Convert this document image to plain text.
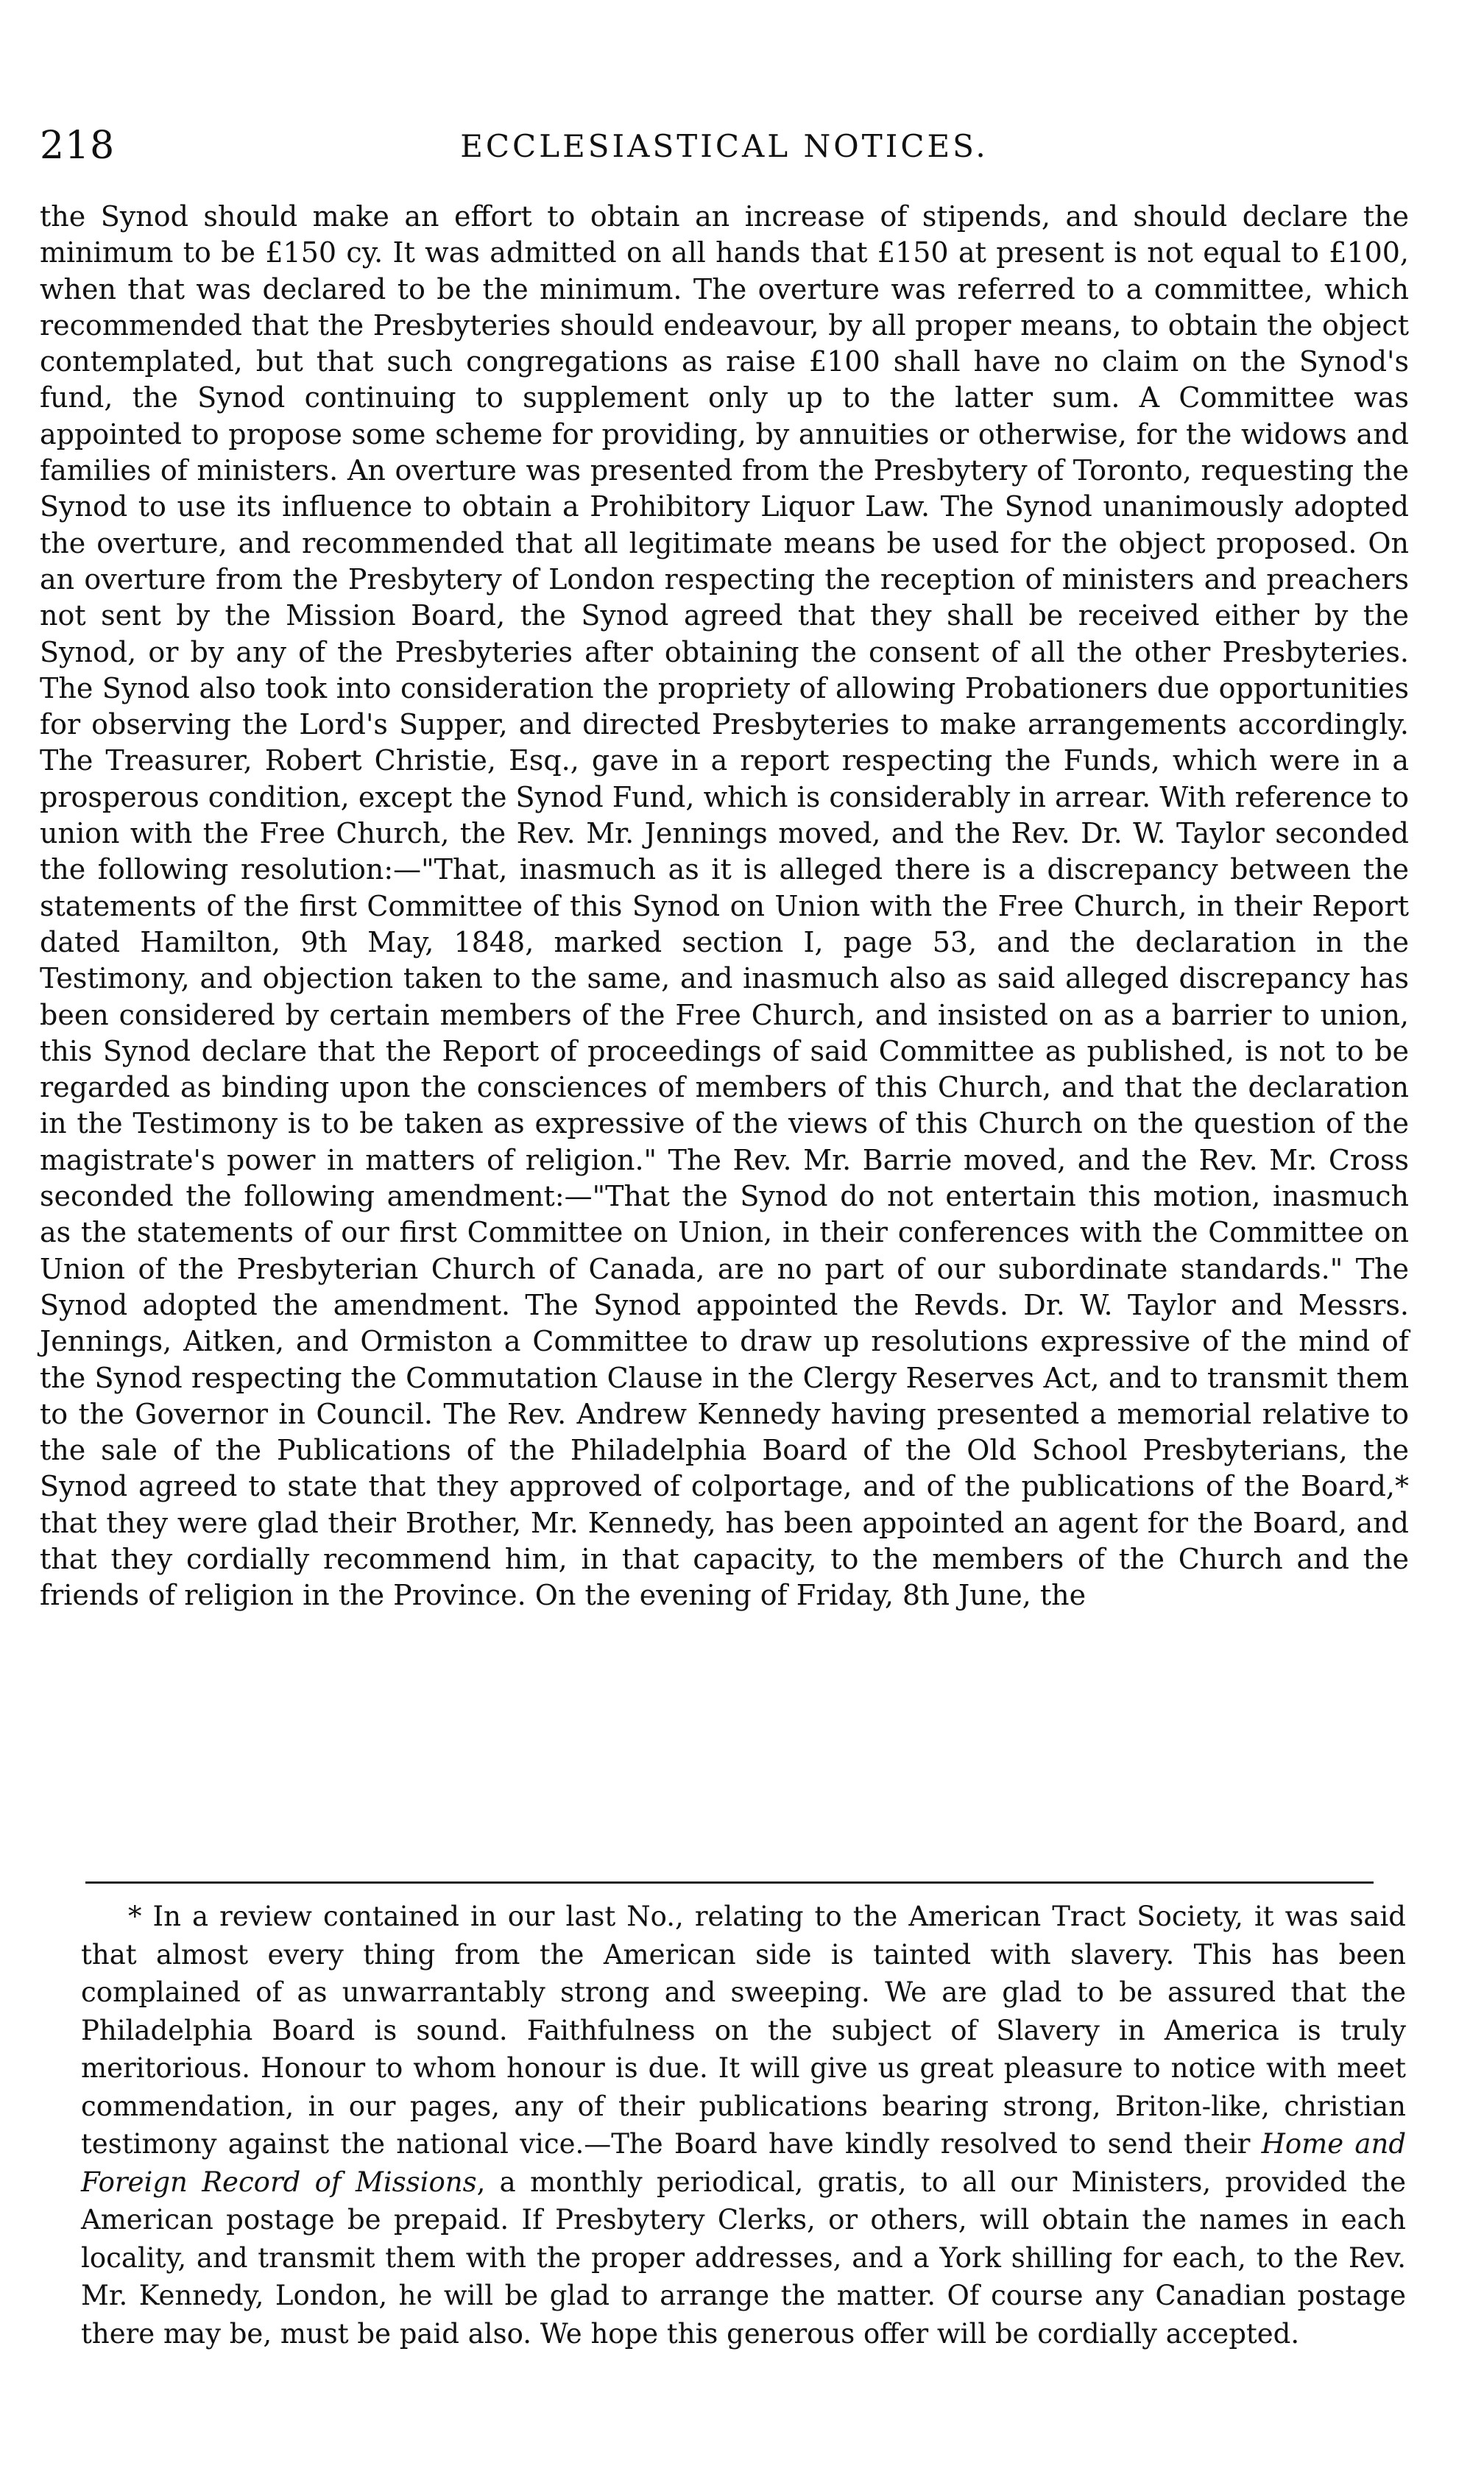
218	ECCLESIASTICAL NOTICES.

the Synod should make an effort to obtain an increase of stipends, and should declare the minimum to be £150 cy. It was admitted on all hands that £150 at present is not equal to £100, when that was declared to be the minimum. The overture was referred to a committee, which recommended that the Presbyteries should endeavour, by all proper means, to obtain the object contemplated, but that such congregations as raise £100 shall have no claim on the Synod's fund, the Synod continuing to supplement only up to the latter sum. A Committee was appointed to propose some scheme for providing, by annuities or otherwise, for the widows and families of ministers. An overture was presented from the Presbytery of Toronto, requesting the Synod to use its influence to obtain a Prohibitory Liquor Law. The Synod unanimously adopted the overture, and recommended that all legitimate means be used for the object proposed. On an overture from the Presbytery of London respecting the reception of ministers and preachers not sent by the Mission Board, the Synod agreed that they shall be received either by the Synod, or by any of the Presbyteries after obtaining the consent of all the other Presbyteries. The Synod also took into consideration the propriety of allowing Probationers due opportunities for observing the Lord's Supper, and directed Presbyteries to make arrangements accordingly. The Treasurer, Robert Christie, Esq., gave in a report respecting the Funds, which were in a prosperous condition, except the Synod Fund, which is considerably in arrear. With reference to union with the Free Church, the Rev. Mr. Jennings moved, and the Rev. Dr. W. Taylor seconded the following resolution:—"That, inasmuch as it is alleged there is a discrepancy between the statements of the first Committee of this Synod on Union with the Free Church, in their Report dated Hamilton, 9th May, 1848, marked section I, page 53, and the declaration in the Testimony, and objection taken to the same, and inasmuch also as said alleged discrepancy has been considered by certain members of the Free Church, and insisted on as a barrier to union, this Synod declare that the Report of proceedings of said Committee as published, is not to be regarded as binding upon the consciences of members of this Church, and that the declaration in the Testimony is to be taken as expressive of the views of this Church on the question of the magistrate's power in matters of religion." The Rev. Mr. Barrie moved, and the Rev. Mr. Cross seconded the following amendment:—"That the Synod do not entertain this motion, inasmuch as the statements of our first Committee on Union, in their conferences with the Committee on Union of the Presbyterian Church of Canada, are no part of our subordinate standards." The Synod adopted the amendment. The Synod appointed the Revds. Dr. W. Taylor and Messrs. Jennings, Aitken, and Ormiston a Committee to draw up resolutions expressive of the mind of the Synod respecting the Commutation Clause in the Clergy Reserves Act, and to transmit them to the Governor in Council. The Rev. Andrew Kennedy having presented a memorial relative to the sale of the Publications of the Philadelphia Board of the Old School Presbyterians, the Synod agreed to state that they approved of colportage, and of the publications of the Board,* that they were glad their Brother, Mr. Kennedy, has been appointed an agent for the Board, and that they cordially recommend him, in that capacity, to the members of the Church and the friends of religion in the Province. On the evening of Friday, 8th June, the

* In a review contained in our last No., relating to the American Tract Society, it was said that almost every thing from the American side is tainted with slavery. This has been complained of as unwarrantably strong and sweeping. We are glad to be assured that the Philadelphia Board is sound. Faithfulness on the subject of Slavery in America is truly meritorious. Honour to whom honour is due. It will give us great pleasure to notice with meet commendation, in our pages, any of their publications bearing strong, Briton-like, christian testimony against the national vice.—The Board have kindly resolved to send their Home and Foreign Record of Missions, a monthly periodical, gratis, to all our Ministers, provided the American postage be prepaid. If Presbytery Clerks, or others, will obtain the names in each locality, and transmit them with the proper addresses, and a York shilling for each, to the Rev. Mr. Kennedy, London, he will be glad to arrange the matter. Of course any Canadian postage there may be, must be paid also. We hope this generous offer will be cordially accepted.
